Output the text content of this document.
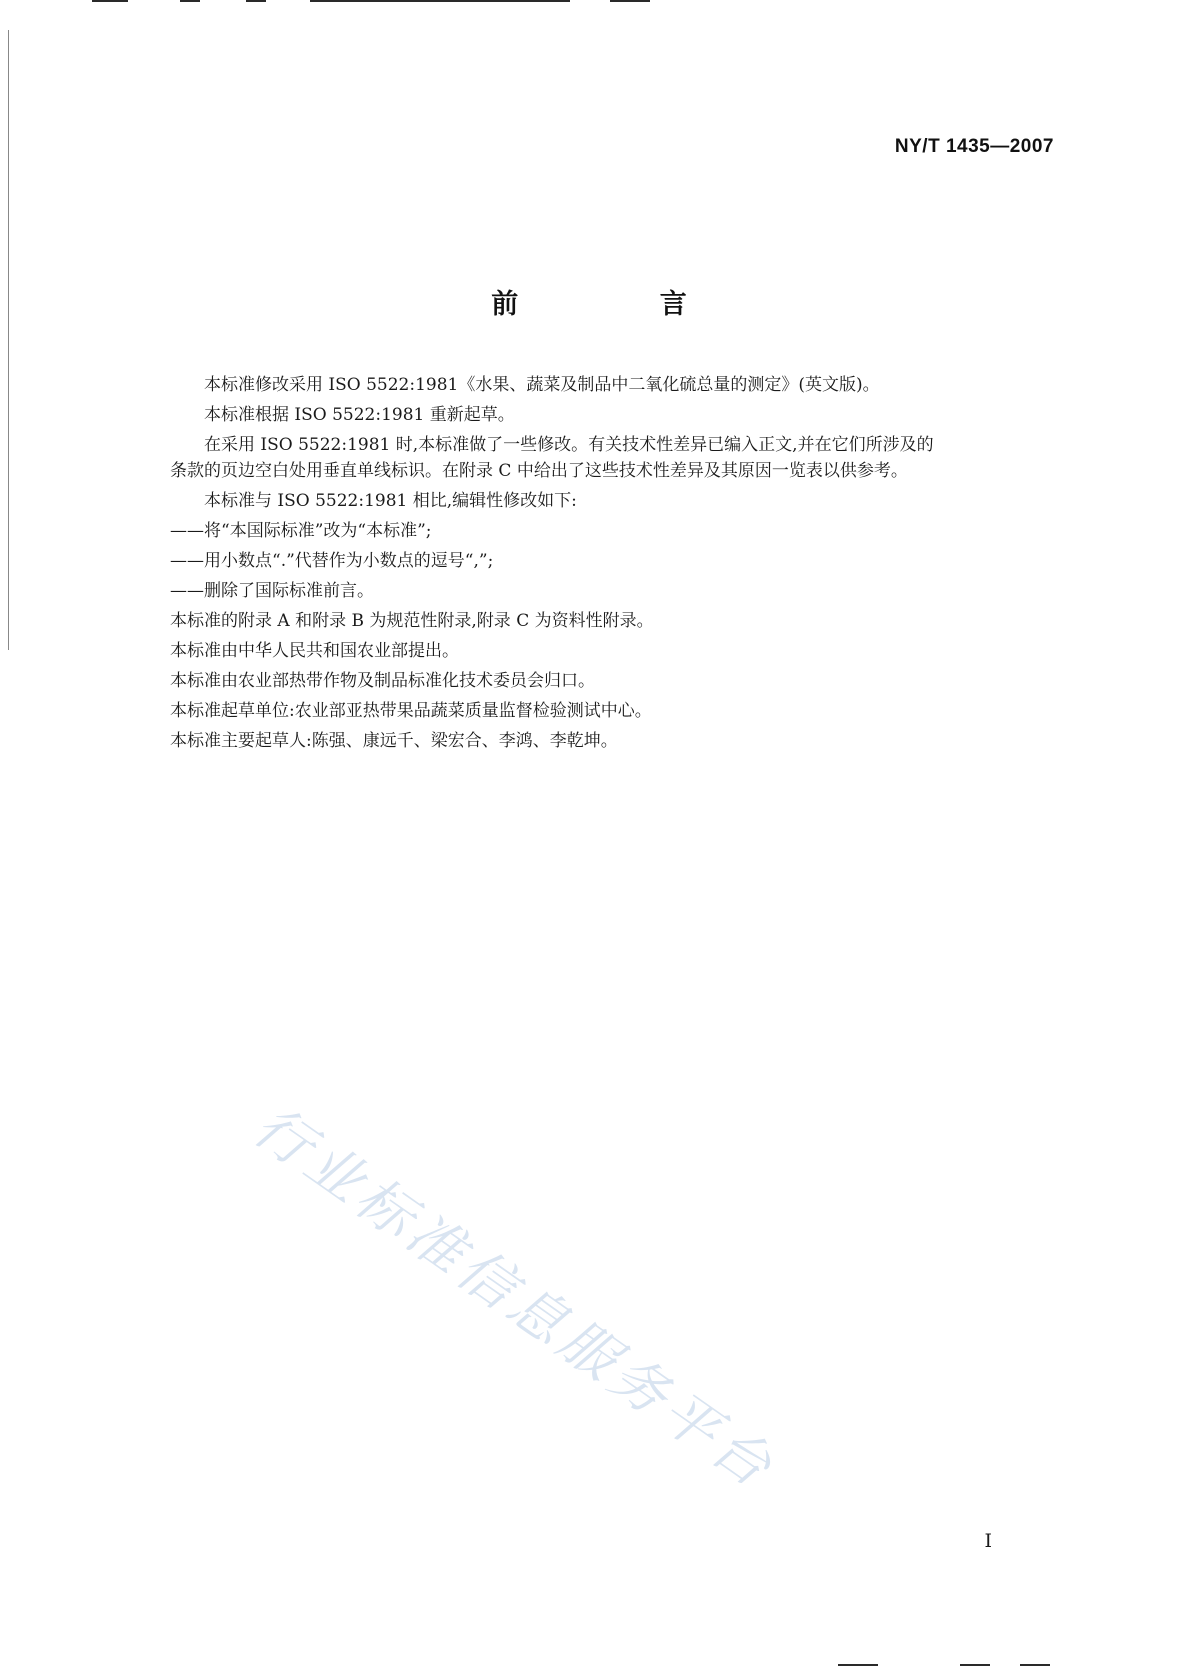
NY/T 1435—2007
前 言

本标准修改采用 ISO 5522:1981《水果、蔬菜及制品中二氧化硫总量的测定》(英文版)。

本标准根据 ISO 5522:1981 重新起草。

在采用 ISO 5522:1981 时,本标准做了一些修改。有关技术性差异已编入正文,并在它们所涉及的

条款的页边空白处用垂直单线标识。在附录 C 中给出了这些技术性差异及其原因一览表以供参考。

本标准与 ISO 5522:1981 相比,编辑性修改如下:

——将“本国际标准”改为“本标准”;

——用小数点“.”代替作为小数点的逗号“,”;

——删除了国际标准前言。

本标准的附录 A 和附录 B 为规范性附录,附录 C 为资料性附录。

本标准由中华人民共和国农业部提出。

本标准由农业部热带作物及制品标准化技术委员会归口。

本标准起草单位:农业部亚热带果品蔬菜质量监督检验测试中心。

本标准主要起草人:陈强、康远千、梁宏合、李鸿、李乾坤。

行业标准信息服务平台
I
